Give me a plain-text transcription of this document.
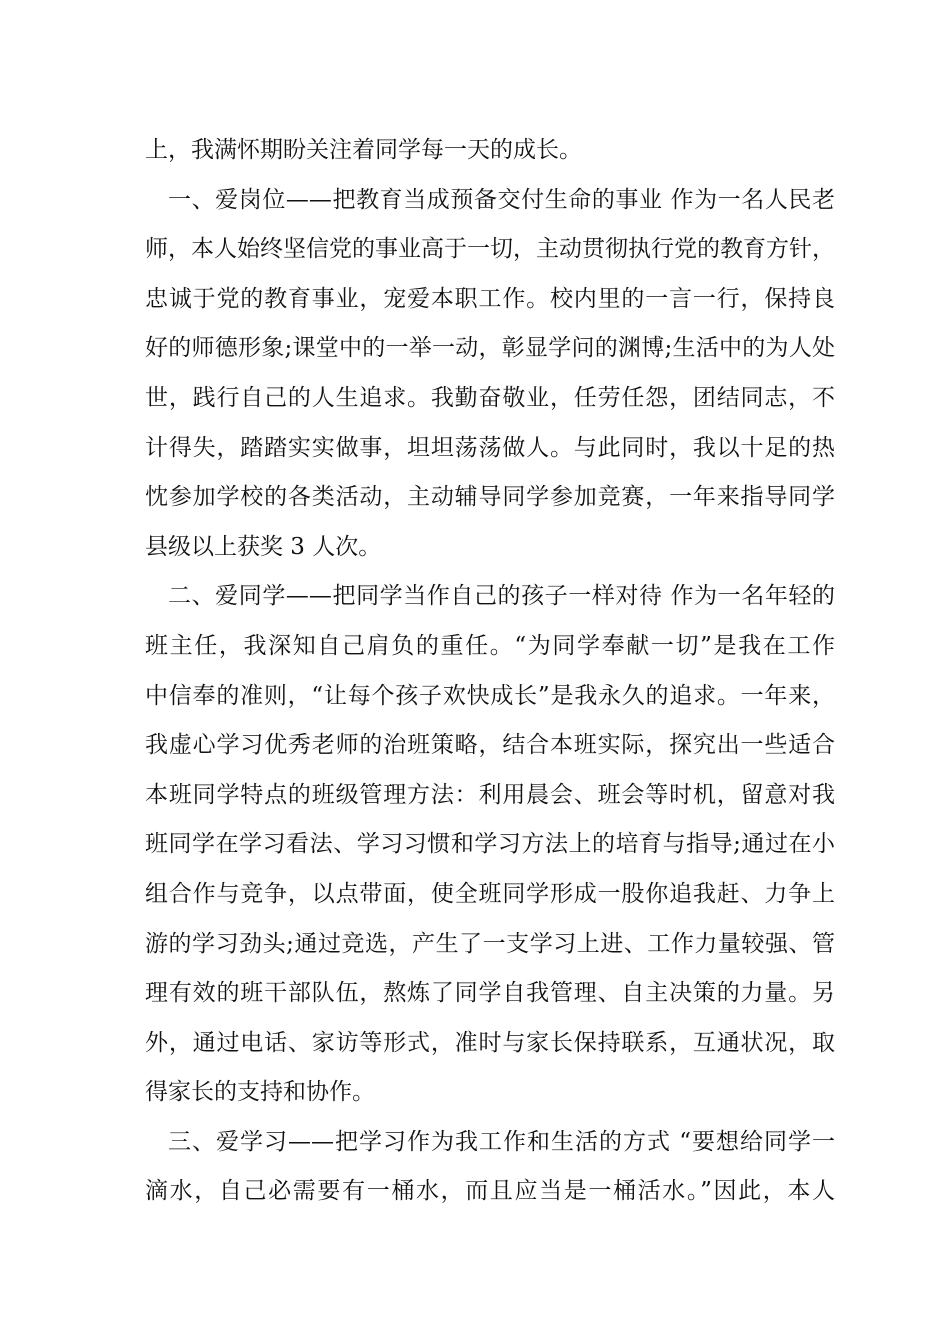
上，我满怀期盼关注着同学每一天的成长。
一、爱岗位——把教育当成预备交付生命的事业 作为一名人民老
师，本人始终坚信党的事业高于一切，主动贯彻执行党的教育方针，
忠诚于党的教育事业，宠爱本职工作。校内里的一言一行，保持良
好的师德形象;课堂中的一举一动，彰显学问的渊博;生活中的为人处
世，践行自己的人生追求。我勤奋敬业，任劳任怨，团结同志，不
计得失，踏踏实实做事，坦坦荡荡做人。与此同时，我以十足的热
忱参加学校的各类活动，主动辅导同学参加竞赛，一年来指导同学
县级以上获奖 3 人次。
二、爱同学——把同学当作自己的孩子一样对待 作为一名年轻的
班主任，我深知自己肩负的重任。“为同学奉献一切”是我在工作
中信奉的准则，“让每个孩子欢快成长”是我永久的追求。一年来，
我虚心学习优秀老师的治班策略，结合本班实际，探究出一些适合
本班同学特点的班级管理方法：利用晨会、班会等时机，留意对我
班同学在学习看法、学习习惯和学习方法上的培育与指导;通过在小
组合作与竞争，以点带面，使全班同学形成一股你追我赶、力争上
游的学习劲头;通过竞选，产生了一支学习上进、工作力量较强、管
理有效的班干部队伍，熬炼了同学自我管理、自主决策的力量。另
外，通过电话、家访等形式，准时与家长保持联系，互通状况，取
得家长的支持和协作。
三、爱学习——把学习作为我工作和生活的方式 “要想给同学一
滴水，自己必需要有一桶水，而且应当是一桶活水。”因此，本人
